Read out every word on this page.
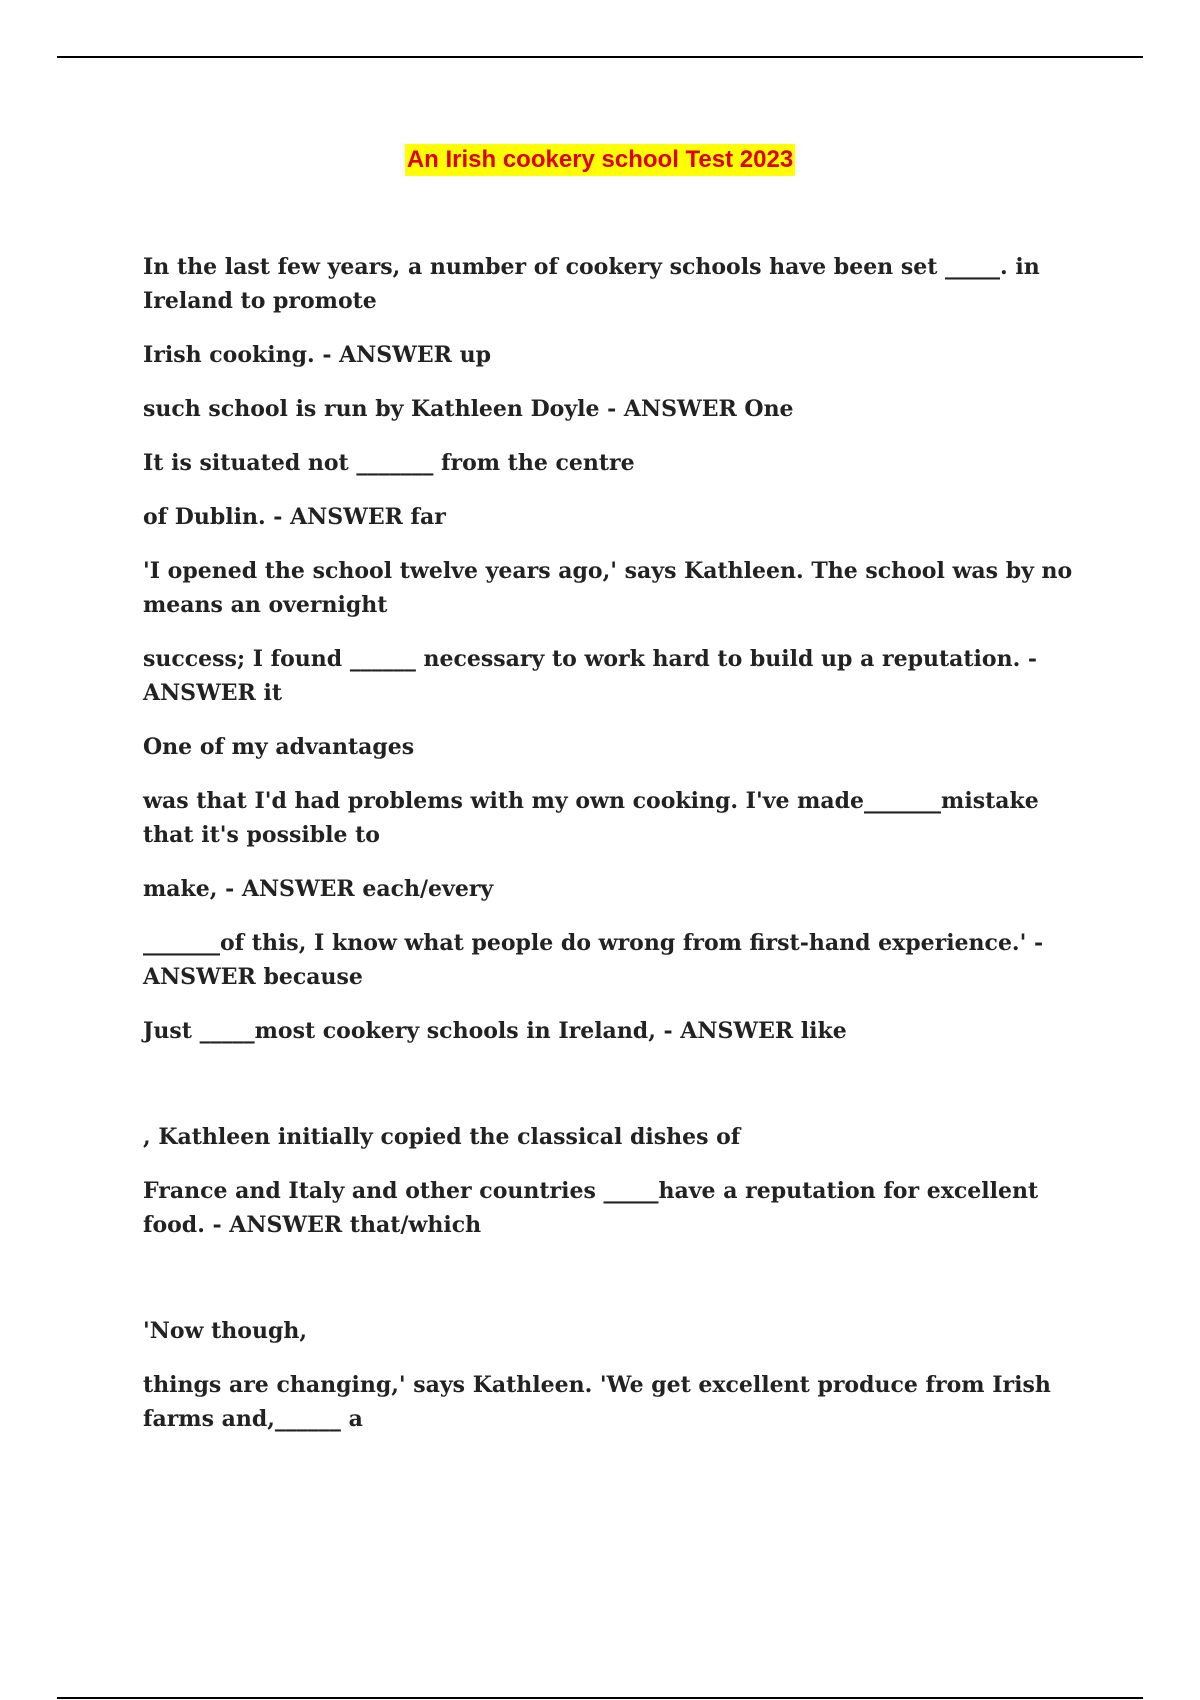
An Irish cookery school Test 2023

In the last few years, a number of cookery schools have been set _____. in Ireland to promote

Irish cooking. - ANSWER up

such school is run by Kathleen Doyle - ANSWER One

It is situated not _______ from the centre

of Dublin. - ANSWER far

'I opened the school twelve years ago,' says Kathleen. The school was by no means an overnight

success; I found ______ necessary to work hard to build up a reputation. - ANSWER it

One of my advantages

was that I'd had problems with my own cooking. I've made_______mistake that it's possible to

make, - ANSWER each/every

_______of this, I know what people do wrong from first-hand experience.' - ANSWER because

Just _____most cookery schools in Ireland, - ANSWER like

, Kathleen initially copied the classical dishes of

France and Italy and other countries _____have a reputation for excellent food. - ANSWER that/which

'Now though,

things are changing,' says Kathleen. 'We get excellent produce from Irish farms and,______ a
